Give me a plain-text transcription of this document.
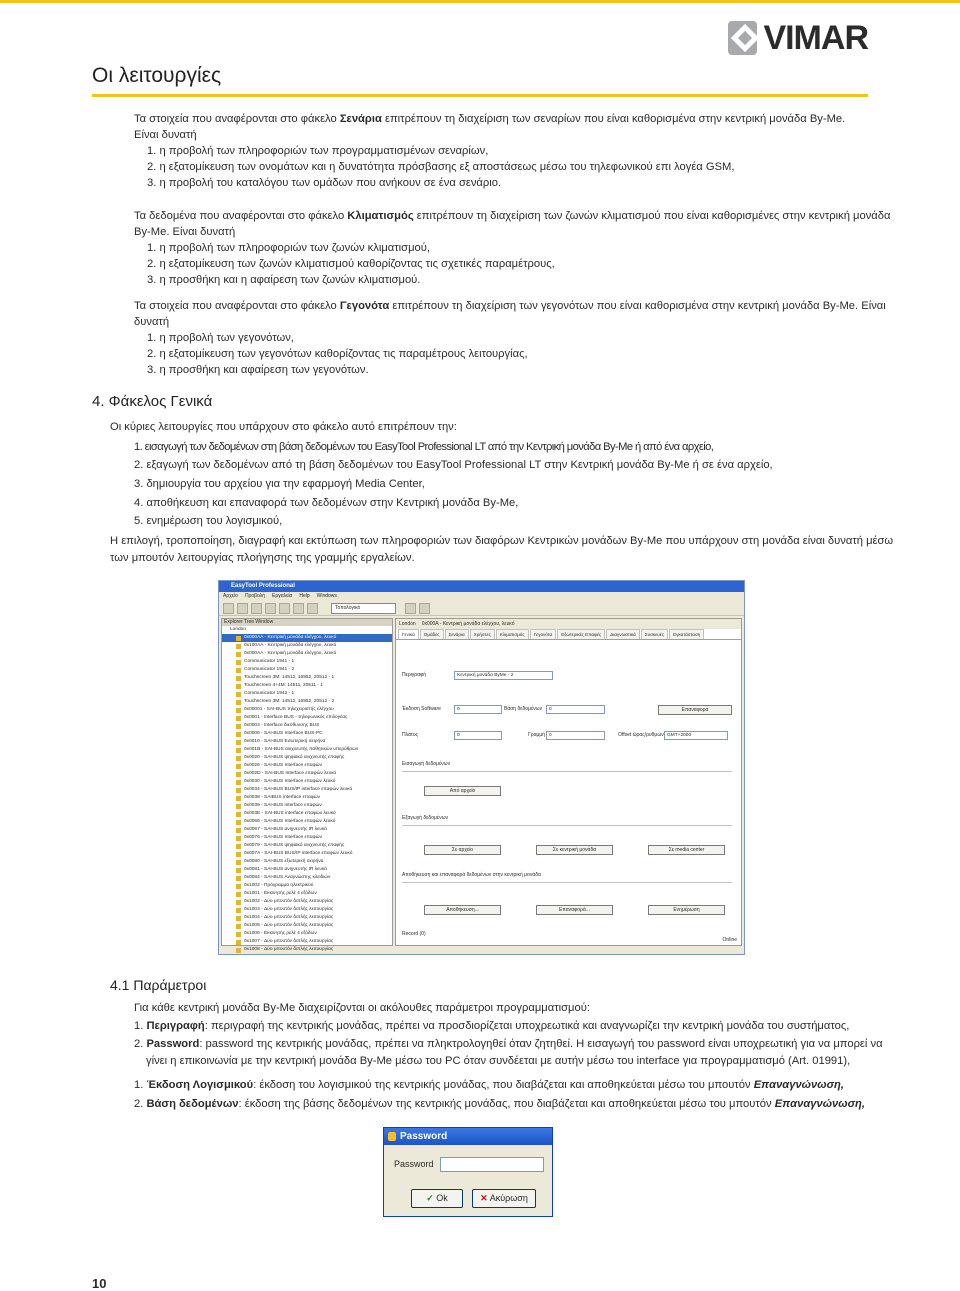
VIMAR
Οι λειτουργίες
Τα στοιχεία που αναφέρονται στο φάκελο Σενάρια επιτρέπουν τη διαχείριση των σεναρίων που είναι καθορισμένα στην κεντρική μονάδα By-Me.
Είναι δυνατή
1. η προβολή των πληροφοριών των προγραμματισμένων σεναρίων,
2. η εξατομίκευση των ονομάτων και η δυνατότητα πρόσβασης εξ αποστάσεως μέσω του τηλεφωνικού επι λογέα GSM,
3. η προβολή του καταλόγου των ομάδων που ανήκουν σε ένα σενάριο.
Τα δεδομένα που αναφέρονται στο φάκελο Κλιματισμός επιτρέπουν τη διαχείριση των ζωνών κλιματισμού που είναι καθορισμένες στην κεντρική μονάδα
By-Me. Είναι δυνατή
1. η προβολή των πληροφοριών των ζωνών κλιματισμού,
2. η εξατομίκευση των ζωνών κλιματισμού καθορίζοντας τις σχετικές παραμέτρους,
3. η προσθήκη και η αφαίρεση των ζωνών κλιματισμού.
Τα στοιχεία που αναφέρονται στο φάκελο Γεγονότα επιτρέπουν τη διαχείριση των γεγονότων που είναι καθορισμένα στην κεντρική μονάδα By-Me. Είναι
δυνατή
1. η προβολή των γεγονότων,
2. η εξατομίκευση των γεγονότων καθορίζοντας τις παραμέτρους λειτουργίας,
3. η προσθήκη και αφαίρεση των γεγονότων.
4. Φάκελος Γενικά
Οι κύριες λειτουργίες που υπάρχουν στο φάκελο αυτό επιτρέπουν την:
1. εισαγωγή των δεδομένων στη βάση δεδομένων του EasyTool Professional LT από την Κεντρική μονάδα By-Me ή από ένα αρχείο,
2. εξαγωγή των δεδομένων από τη βάση δεδομένων του EasyTool Professional LT στην Κεντρική μονάδα By-Me ή σε ένα αρχείο,
3. δημιουργία του αρχείου για την εφαρμογή Media Center,
4. αποθήκευση και επαναφορά των δεδομένων στην Κεντρική μονάδα By-Me,
5. ενημέρωση του λογισμικού,
Η επιλογή, τροποποίηση, διαγραφή και εκτύπωση των πληροφοριών των διαφόρων Κεντρικών μονάδων By-Me που υπάρχουν στη μονάδα είναι δυνατή μέσω
των μπουτόν λειτουργίας πλοήγησης της γραμμής εργαλείων.
EasyTool Professional
Αρχείο Προβολή Εργαλεία Help Windows
Τοπολογικό
Explorer Tree Window
London
0x000AA - Κεντρική μονάδα ελέγχου, λευκό
0x100AA - Κεντρική μονάδα ελέγχου, λευκό
0x000AA - Κεντρική μονάδα ελέγχου, λευκό
Communicator 1941 - 1
Communicator 1941 - 2
Touchscreen 3M: 14512, 16952, 20512 - 1
Touchscreen 4+4M: 14511, 20511 - 1
Communicator 1942 - 1
Touchscreen 3M: 14512, 16952, 20512 - 2
0x00001 - SAI-BUS τηλεχειριστής ελέγχου
0x0001 - Interface BUS - τηλεφωνικός επιλογέας
0x0003 - Interface διεύθυνσης BUS
0x0006 - SAI-BUS Interface BUS-PC
0x0010 - SAI-BUS Εσωτερική σειρήνα
0x001B - SAI-BUS ανιχνευτής παθητικών υπερύθρων
0x0020 - SAI-BUS ψηφιακό ανιχνευτής επαφής
0x0026 - SAI-BUS Interface επαφών
0x002D - SAI-BUS Interface επαφών λευκό
0x0030 - SAI-BUS Interface επαφών λευκό
0x0034 - SAI-BUS BUS/IP interface επαφών λευκό
0x0038 - SAIBUS interface επαφών
0x0039 - SAI-BUS interface επαφών
0x003E - SAI-BUS interface επαφών λευκό
0x0066 - SAI-BUS Interface επαφών λευκό
0x0067 - SAI-BUS ανιχνευτής IR λευκό
0x0076 - SAI-BUS Interface επαφών
0x0079 - SAI-BUS ψηφιακό ανιχνευτής επαφής
0x007A - SAI-BUS BUS/IP interface επαφών λευκό
0x0080 - SAI-BUS εξωτερική σειρήνα
0x0081 - SAI-BUS ανιχνευτής IR λευκό
0x0084 - SAI-BUS Αναγνώστης κλειδιών
0x1002 - Πρόγραμμα ηλεκτρικού
0x1001 - Εκκινητής ρελέ 4 εξόδων
0x1002 - Δύο μπουτόν διπλής λειτουργίας
0x1003 - Δύο μπουτόν διπλής λειτουργίας
0x1004 - Δύο μπουτόν διπλής λειτουργίας
0x1005 - Δύο μπουτόν διπλής λειτουργίας
0x1006 - Εκκινητής ρελέ 4 εξόδων
0x1007 - Δύο μπουτόν διπλής λειτουργίας
0x1008 - Δύο μπουτόν διπλής λειτουργίας
London 0x000A - Κεντρική μονάδα ελέγχου, λευκό
Γενικά	Ομάδες	Σενάρια	Χρήστες	Κλιματισμός	Γεγονότα	Εξωτερικές Επαφές	Διαγνωστικά	Συσκευές	Εγκατάσταση
Περιγραφή	Κεντρική μονάδα ByMe - 2
Έκδοση Software	0	Βάση δεδομένων	0	Επαναφορά
Πλάτος	0	Γραμμή 0	Offset ώρας/ρυθμών GMT+2000
Εισαγωγή δεδομένων
Από αρχείο
Εξαγωγή δεδομένων
Σε αρχείο	Σε κεντρική μονάδα	Σε media center
Αποθήκευση και επαναφορά δεδομένων στην κεντρική μονάδα
Αποθήκευση...	Επαναφορά...	Ενημέρωση
Record (0)
Online
4.1 Παράμετροι
Για κάθε κεντρική μονάδα By-Me διαχειρίζονται οι ακόλουθες παράμετροι προγραμματισμού:
1. Περιγραφή: περιγραφή της κεντρικής μονάδας, πρέπει να προσδιορίζεται υποχρεωτικά και αναγνωρίζει την κεντρική μονάδα του συστήματος,
2. Password: password της κεντρικής μονάδας, πρέπει να πληκτρολογηθεί όταν ζητηθεί. Η εισαγωγή του password είναι υποχρεωτική για να μπορεί να
γίνει η επικοινωνία με την κεντρική μονάδα By-Me μέσω του PC όταν συνδέεται με αυτήν μέσω του interface για προγραμματισμό (Art. 01991),
1. Έκδοση Λογισμικού: έκδοση του λογισμικού της κεντρικής μονάδας, που διαβάζεται και αποθηκεύεται μέσω του μπουτόν Επαναγνώνωση,
2. Βάση δεδομένων: έκδοση της βάσης δεδομένων της κεντρικής μονάδας, που διαβάζεται και αποθηκεύεται μέσω του μπουτόν Επαναγνώνωση,
Password
Password
✓ Ok	✕ Ακύρωση
10
